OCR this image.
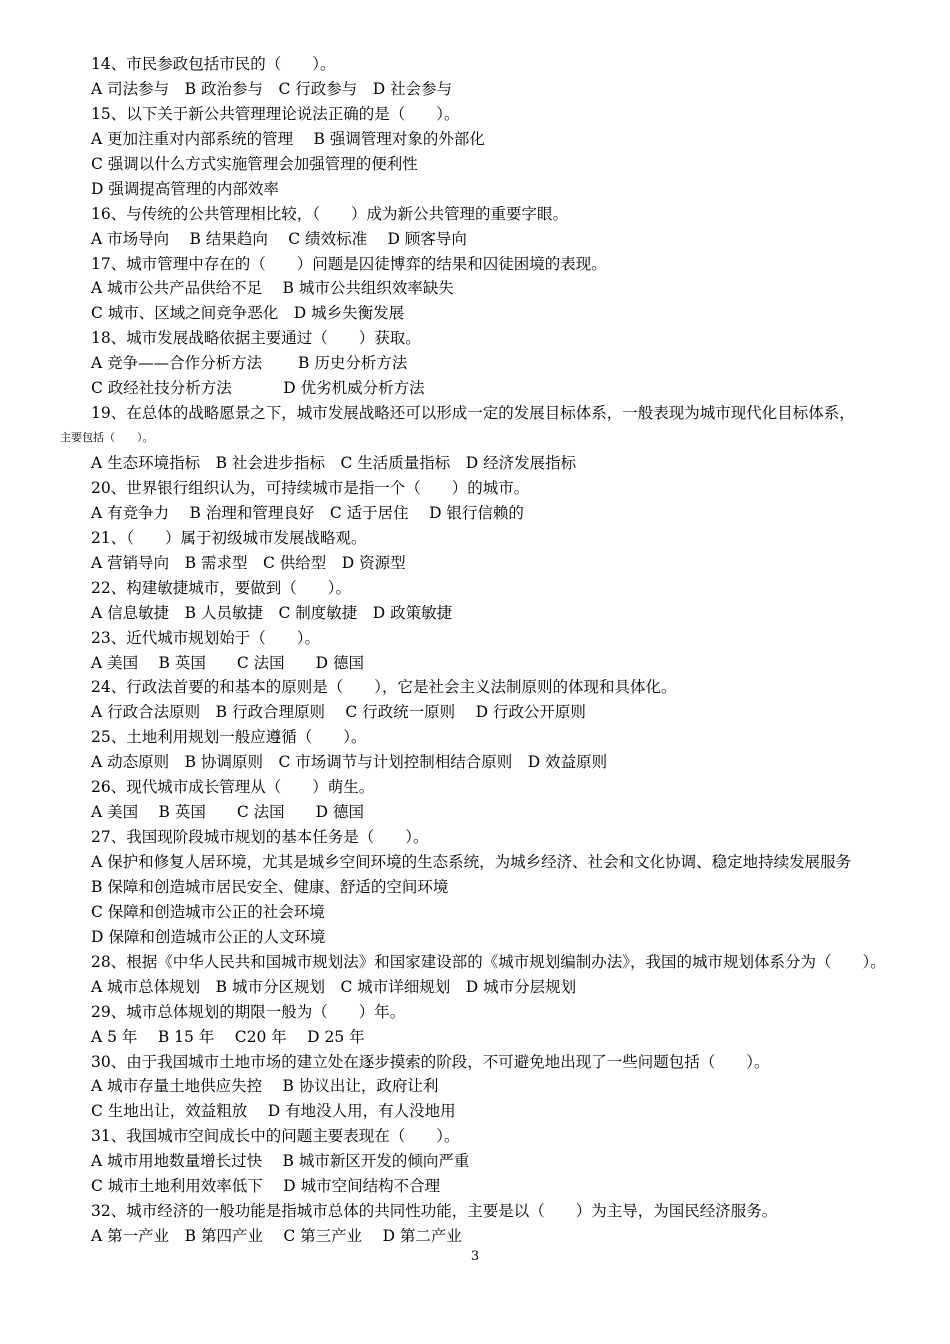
14、市民参政包括市民的（　　）。
A 司法参与　B 政治参与　C 行政参与　D 社会参与
15、以下关于新公共管理理论说法正确的是（　　）。
A 更加注重对内部系统的管理　 B 强调管理对象的外部化
C 强调以什么方式实施管理会加强管理的便利性
D 强调提高管理的内部效率
16、与传统的公共管理相比较，（　　）成为新公共管理的重要字眼。
A 市场导向　 B 结果趋向　 C 绩效标准　 D 顾客导向
17、城市管理中存在的（　　）问题是囚徒博弈的结果和囚徒困境的表现。
A 城市公共产品供给不足　 B 城市公共组织效率缺失
C 城市、区域之间竞争恶化　D 城乡失衡发展
18、城市发展战略依据主要通过（　　）获取。
A 竞争——合作分析方法　　 B 历史分析方法
C 政经社技分析方法　　　 D 优劣机威分析方法
19、在总体的战略愿景之下，城市发展战略还可以形成一定的发展目标体系，一般表现为城市现代化目标体系，
主要包括（　　）。
A 生态环境指标　B 社会进步指标　C 生活质量指标　D 经济发展指标
20、世界银行组织认为，可持续城市是指一个（　　）的城市。
A 有竞争力　 B 治理和管理良好　C 适于居住　 D 银行信赖的
21、（　　）属于初级城市发展战略观。
A 营销导向　B 需求型　C 供给型　D 资源型
22、构建敏捷城市，要做到（　　）。
A 信息敏捷　B 人员敏捷　C 制度敏捷　D 政策敏捷
23、近代城市规划始于（　　）。
A 美国　 B 英国　　C 法国　　D 德国
24、行政法首要的和基本的原则是（　　），它是社会主义法制原则的体现和具体化。
A 行政合法原则　B 行政合理原则　 C 行政统一原则　 D 行政公开原则
25、土地利用规划一般应遵循（　　）。
A 动态原则　B 协调原则　C 市场调节与计划控制相结合原则　D 效益原则
26、现代城市成长管理从（　　）萌生。
A 美国　 B 英国　　C 法国　　D 德国
27、我国现阶段城市规划的基本任务是（　　）。
A 保护和修复人居环境，尤其是城乡空间环境的生态系统，为城乡经济、社会和文化协调、稳定地持续发展服务
B 保障和创造城市居民安全、健康、舒适的空间环境
C 保障和创造城市公正的社会环境
D 保障和创造城市公正的人文环境
28、根据《中华人民共和国城市规划法》和国家建设部的《城市规划编制办法》，我国的城市规划体系分为（　　）。
A 城市总体规划　B 城市分区规划　C 城市详细规划　D 城市分层规划
29、城市总体规划的期限一般为（　　）年。
A 5 年　 B 15 年　 C20 年　 D 25 年
30、由于我国城市土地市场的建立处在逐步摸索的阶段，不可避免地出现了一些问题包括（　　）。
A 城市存量土地供应失控　 B 协议出让，政府让利
C 生地出让，效益粗放　 D 有地没人用，有人没地用
31、我国城市空间成长中的问题主要表现在（　　）。
A 城市用地数量增长过快　 B 城市新区开发的倾向严重
C 城市土地利用效率低下　 D 城市空间结构不合理
32、城市经济的一般功能是指城市总体的共同性功能，主要是以（　　）为主导，为国民经济服务。
A 第一产业　B 第四产业　 C 第三产业　 D 第二产业
3
